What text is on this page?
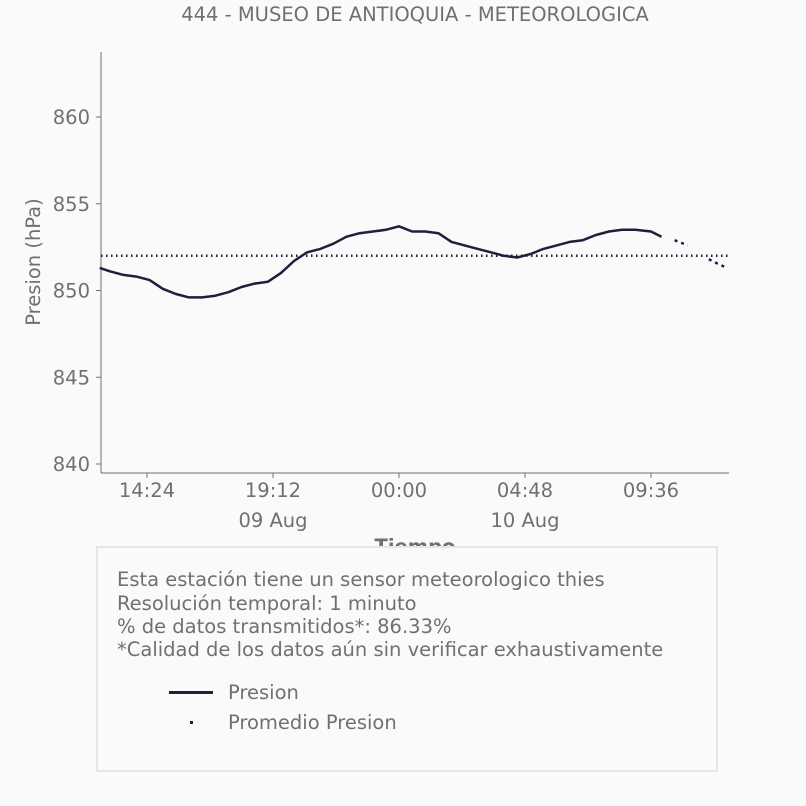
444 - MUSEO DE ANTIOQUIA - METEOROLOGICA
Presion (hPa)
840
845
850
855
860
14:24	19:12
09 Aug
00:00	04:48
10 Aug
09:36
Esta estación tiene un sensor meteorologico thies
Resolución temporal: 1 minuto
% de datos transmitidos*: 86.33%
*Calidad de los datos aún sin verificar exhaustivamente
Presion
Promedio Presion
